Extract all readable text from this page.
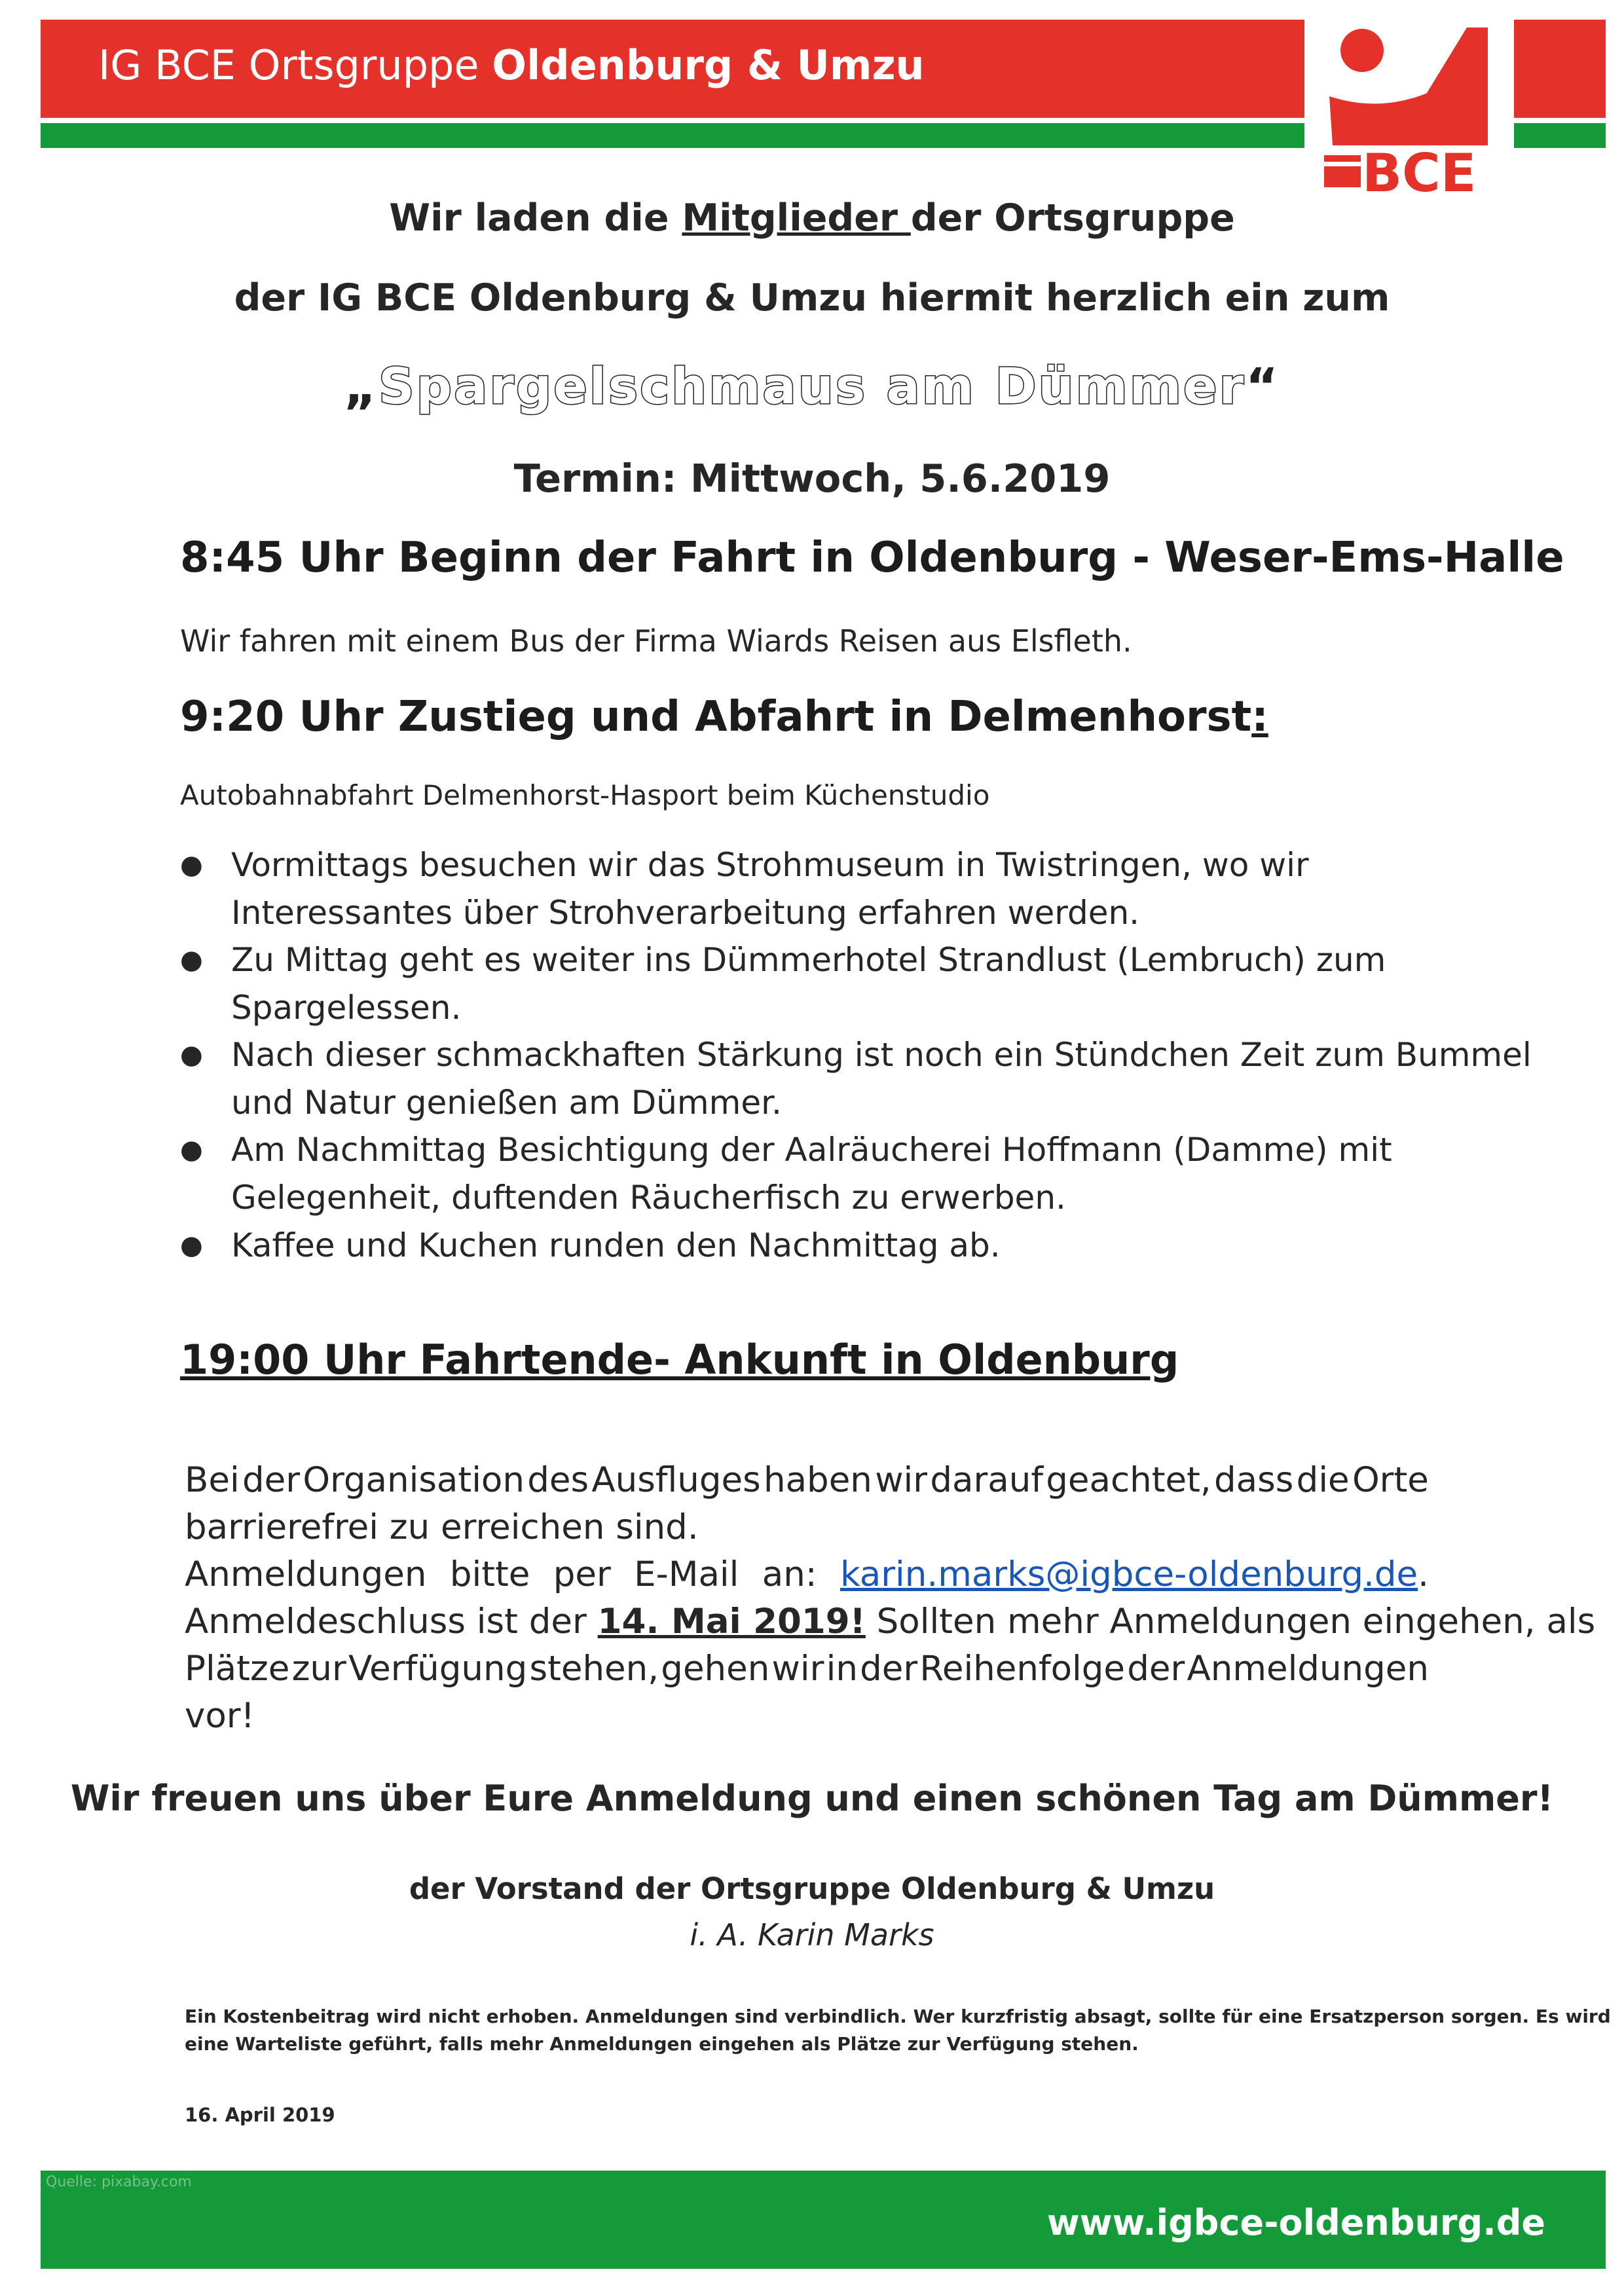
IG BCE Ortsgruppe Oldenburg & Umzu
BCE
Wir laden die Mitglieder der Ortsgruppe
der IG BCE Oldenburg & Umzu hiermit herzlich ein zum
„Spargelschmaus am Dümmer“
Termin: Mittwoch, 5.6.2019
8:45 Uhr Beginn der Fahrt in Oldenburg - Weser-Ems-Halle
Wir fahren mit einem Bus der Firma Wiards Reisen aus Elsfleth.
9:20 Uhr Zustieg und Abfahrt in Delmenhorst:
Autobahnabfahrt Delmenhorst-Hasport beim Küchenstudio
● Vormittags besuchen wir das Strohmuseum in Twistringen, wo wir
Interessantes über Strohverarbeitung erfahren werden.
● Zu Mittag geht es weiter ins Dümmerhotel Strandlust (Lembruch) zum
Spargelessen.
● Nach dieser schmackhaften Stärkung ist noch ein Stündchen Zeit zum Bummel
und Natur genießen am Dümmer.
● Am Nachmittag Besichtigung der Aalräucherei Hoffmann (Damme) mit
Gelegenheit, duftenden Räucherfisch zu erwerben.
● Kaffee und Kuchen runden den Nachmittag ab.
19:00 Uhr Fahrtende- Ankunft in Oldenburg
Bei der Organisation des Ausfluges haben wir darauf geachtet, dass die Orte
barrierefrei zu erreichen sind.
Anmeldungen bitte per E-Mail an: karin.marks@igbce-oldenburg.de.
Anmeldeschluss ist der 14. Mai 2019! Sollten mehr Anmeldungen eingehen, als
Plätze zur Verfügung stehen, gehen wir in der Reihenfolge der Anmeldungen
vor!
Wir freuen uns über Eure Anmeldung und einen schönen Tag am Dümmer!
der Vorstand der Ortsgruppe Oldenburg & Umzu
i. A. Karin Marks
Ein Kostenbeitrag wird nicht erhoben. Anmeldungen sind verbindlich. Wer kurzfristig absagt, sollte für eine Ersatzperson sorgen. Es wird
eine Warteliste geführt, falls mehr Anmeldungen eingehen als Plätze zur Verfügung stehen.
16. April 2019
Quelle: pixabay.com
www.igbce-oldenburg.de
